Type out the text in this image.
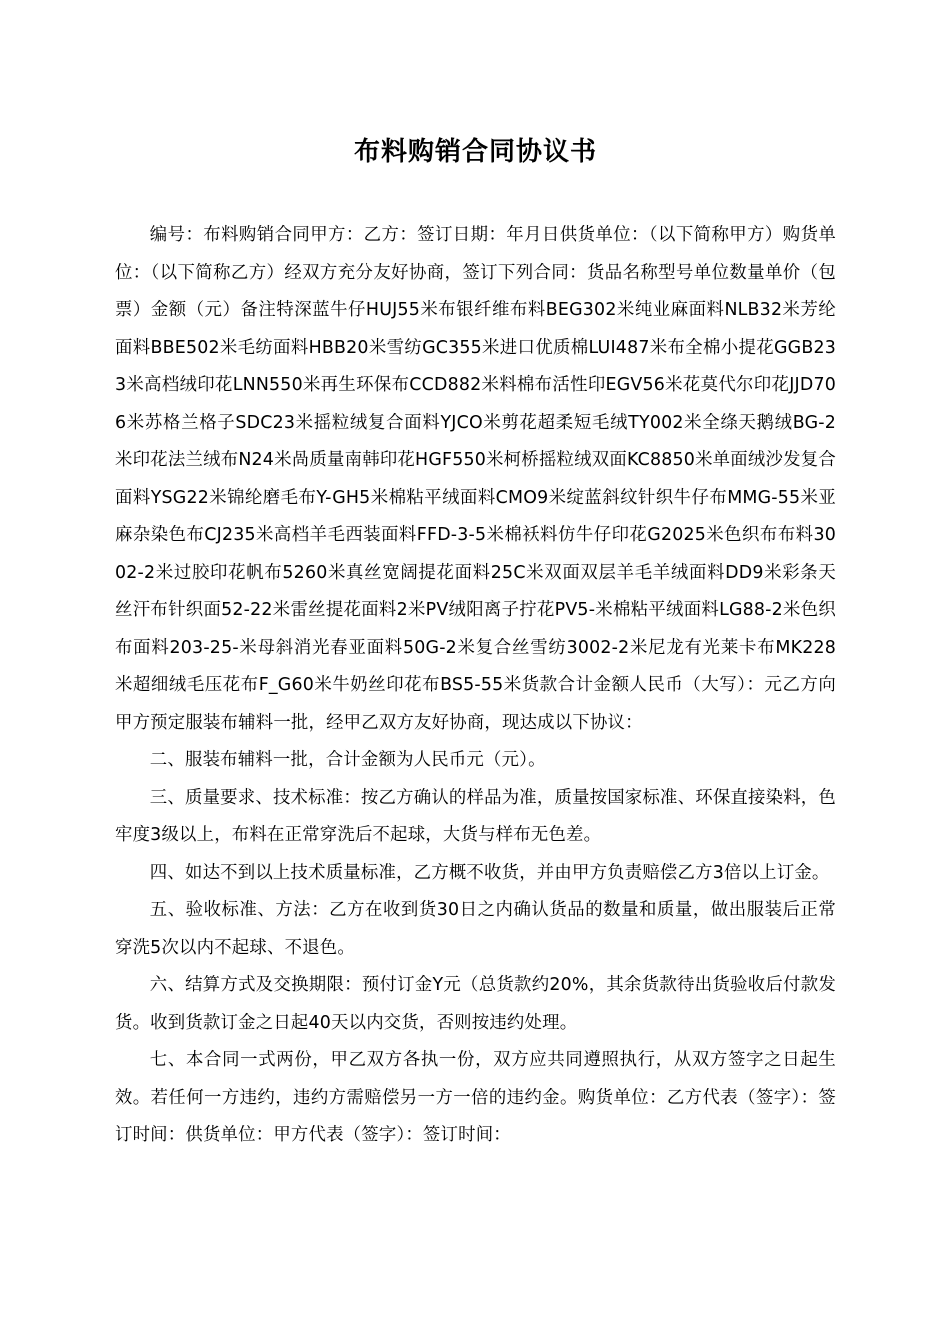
布料购销合同协议书

编号：布料购销合同甲方：乙方：签订日期：年月日供货单位：（以下简称甲方）购货单位：（以下简称乙方）经双方充分友好协商，签订下列合同：货品名称型号单位数量单价（包票）金额（元）备注特深蓝牛仔HUJ55米布银纤维布料BEG302米纯业麻面料NLB32米芳纶面料BBE502米毛纺面料HBB20米雪纺GC355米进口优质棉LUI487米布全棉小提花GGB233米高档绒印花LNN550米再生环保布CCD882米料棉布活性印EGV56米花莫代尔印花JJD706米苏格兰格子SDC23米摇粒绒复合面料YJCO米剪花超柔短毛绒TY002米全绦天鹅绒BG-2米印花法兰绒布N24米咼质量南韩印花HGF550米柯桥摇粒绒双面KC8850米单面绒沙发复合面料YSG22米锦纶磨毛布Y-GH5米棉粘平绒面料CMO9米绽蓝斜纹针织牛仔布MMG-55米亚麻杂染色布CJ235米高档羊毛西装面料FFD-3-5米棉袄料仿牛仔印花G2025米色织布布料3002-2米过胶印花帆布5260米真丝宽阔提花面料25C米双面双层羊毛羊绒面料DD9米彩条天丝汗布针织面52-22米雷丝提花面料2米PV绒阳离子拧花PV5-米棉粘平绒面料LG88-2米色织布面料203-25-米母斜消光春亚面料50G-2米复合丝雪纺3002-2米尼龙有光莱卡布MK228米超细绒毛压花布F_G60米牛奶丝印花布BS5-55米货款合计金额人民币（大写）：元乙方向甲方预定服装布辅料一批，经甲乙双方友好协商，现达成以下协议：

二、服装布辅料一批，合计金额为人民币元（元）。

三、质量要求、技术标准：按乙方确认的样品为准，质量按国家标准、环保直接染料，色牢度3级以上，布料在正常穿洗后不起球，大货与样布无色差。

四、如达不到以上技术质量标准，乙方概不收货，并由甲方负责赔偿乙方3倍以上订金。

五、验收标准、方法：乙方在收到货30日之内确认货品的数量和质量，做出服装后正常穿洗5次以内不起球、不退色。

六、结算方式及交换期限：预付订金Y元（总货款约20%，其余货款待出货验收后付款发货。收到货款订金之日起40天以内交货，否则按违约处理。

七、本合同一式两份，甲乙双方各执一份，双方应共同遵照执行，从双方签字之日起生效。若任何一方违约，违约方需赔偿另一方一倍的违约金。购货单位：乙方代表（签字）：签订时间：供货单位：甲方代表（签字）：签订时间：
